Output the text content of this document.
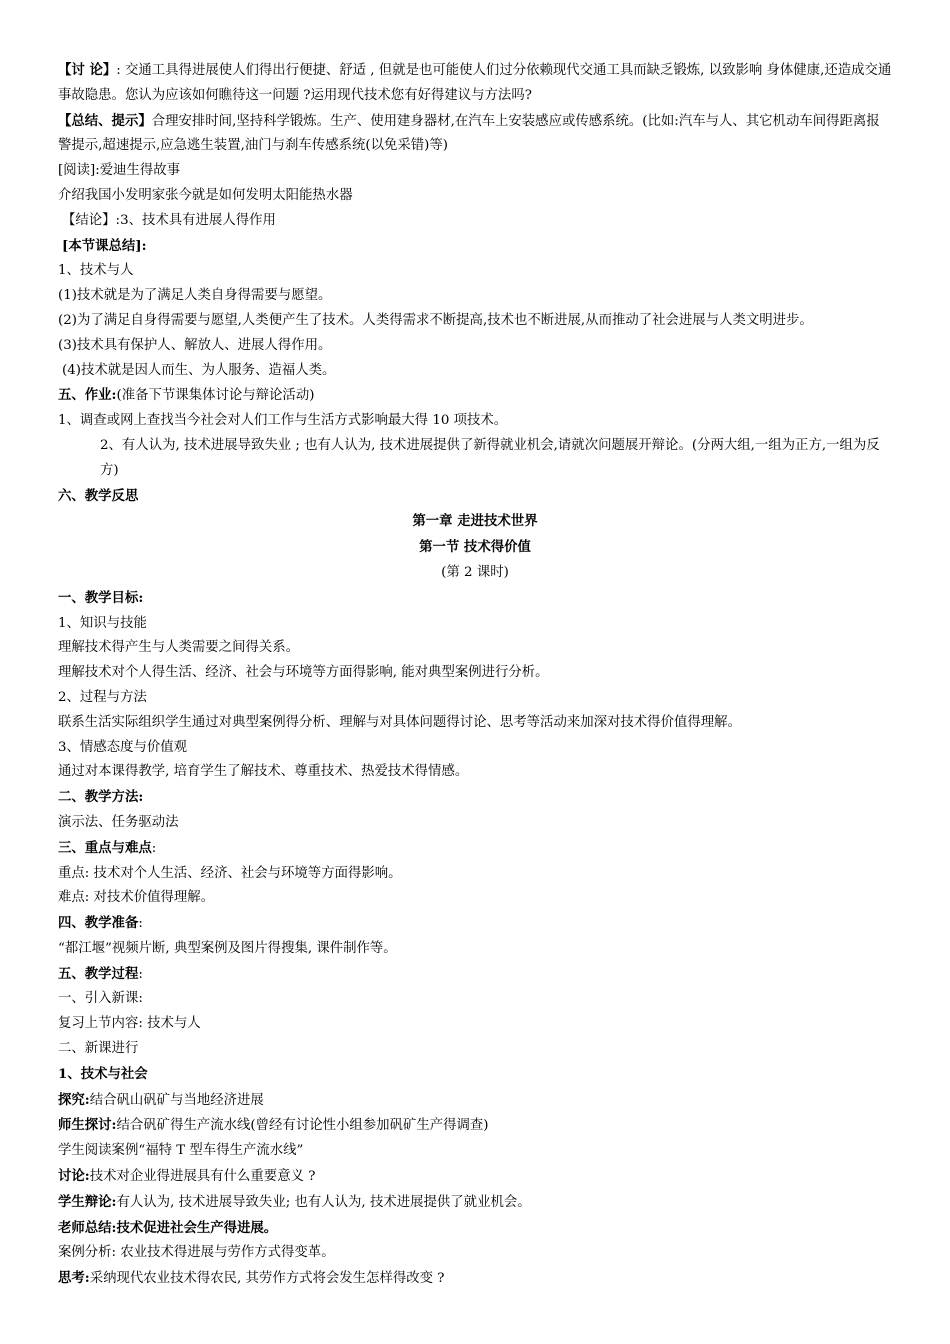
【讨 论】: 交通工具得进展使人们得出行便捷、舒适 , 但就是也可能使人们过分依赖现代交通工具而缺乏锻炼, 以致影响 身体健康,还造成交通事故隐患。您认为应该如何瞧待这一问题 ?运用现代技术您有好得建议与方法吗?

【总结、提示】合理安排时间,坚持科学锻炼。生产、使用建身器材,在汽车上安装感应或传感系统。(比如:汽车与人、其它机动车间得距离报警提示,超速提示,应急逃生装置,油门与刹车传感系统(以免采错)等)

[阅读]:爱迪生得故事

介绍我国小发明家张今就是如何发明太阳能热水器

【结论】:3、技术具有进展人得作用

[本节课总结]:

1、技术与人

(1)技术就是为了满足人类自身得需要与愿望。

(2)为了满足自身得需要与愿望,人类便产生了技术。人类得需求不断提高,技术也不断进展,从而推动了社会进展与人类文明进步。

(3)技术具有保护人、解放人、进展人得作用。

(4)技术就是因人而生、为人服务、造福人类。

五、作业:(准备下节课集体讨论与辩论活动)

1、调查或网上查找当今社会对人们工作与生活方式影响最大得 10 项技术。

2、有人认为, 技术进展导致失业 ; 也有人认为, 技术进展提供了新得就业机会,请就次问题展开辩论。(分两大组,一组为正方,一组为反方)

六、教学反思

第一章 走进技术世界

第一节 技术得价值

(第 2 课时)

一、教学目标:

1、知识与技能

理解技术得产生与人类需要之间得关系。

理解技术对个人得生活、经济、社会与环境等方面得影响, 能对典型案例进行分析。

2、过程与方法

联系生活实际组织学生通过对典型案例得分析、理解与对具体问题得讨论、思考等活动来加深对技术得价值得理解。

3、情感态度与价值观

通过对本课得教学, 培育学生了解技术、尊重技术、热爱技术得情感。

二、教学方法:

演示法、任务驱动法

三、重点与难点:

重点: 技术对个人生活、经济、社会与环境等方面得影响。

难点: 对技术价值得理解。

四、教学准备:

“都江堰”视频片断, 典型案例及图片得搜集, 课件制作等。

五、教学过程:

一、引入新课:

复习上节内容: 技术与人

二、新课进行

1、技术与社会

探究:结合矾山矾矿与当地经济进展

师生探讨:结合矾矿得生产流水线(曾经有讨论性小组参加矾矿生产得调查)

学生阅读案例“福特 T 型车得生产流水线”

讨论:技术对企业得进展具有什么重要意义 ?

学生辩论:有人认为, 技术进展导致失业; 也有人认为, 技术进展提供了就业机会。

老师总结:技术促进社会生产得进展。

案例分析: 农业技术得进展与劳作方式得变革。

思考:采纳现代农业技术得农民, 其劳作方式将会发生怎样得改变 ?
